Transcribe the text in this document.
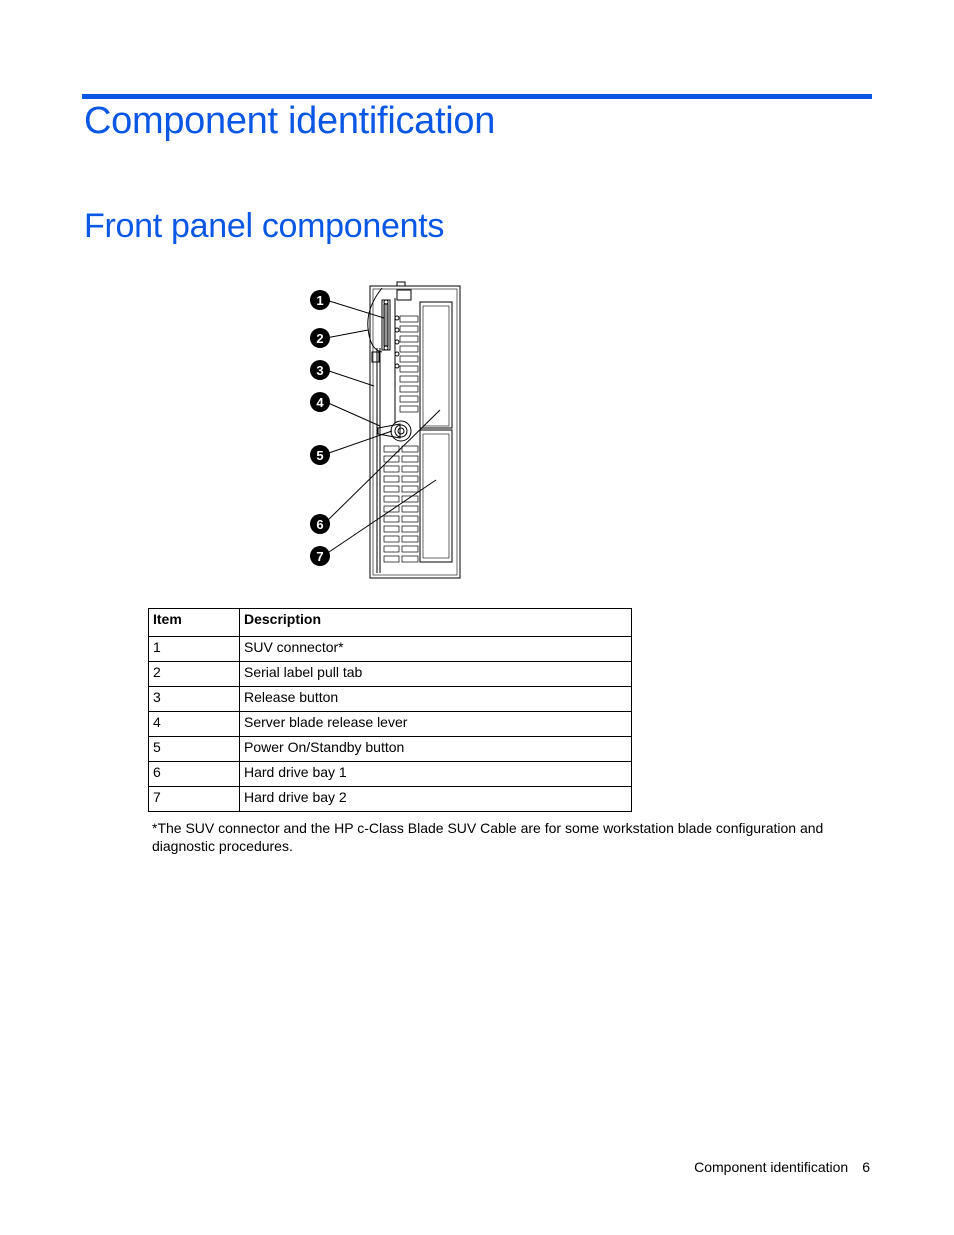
Component identification
Front panel components
1
2
3
4
5
6
7
Item	Description
1	SUV connector*
2	Serial label pull tab
3	Release button
4	Server blade release lever
5	Power On/Standby button
6	Hard drive bay 1
7	Hard drive bay 2

*The SUV connector and the HP c-Class Blade SUV Cable are for some workstation blade configuration and diagnostic procedures.

Component identification 6
